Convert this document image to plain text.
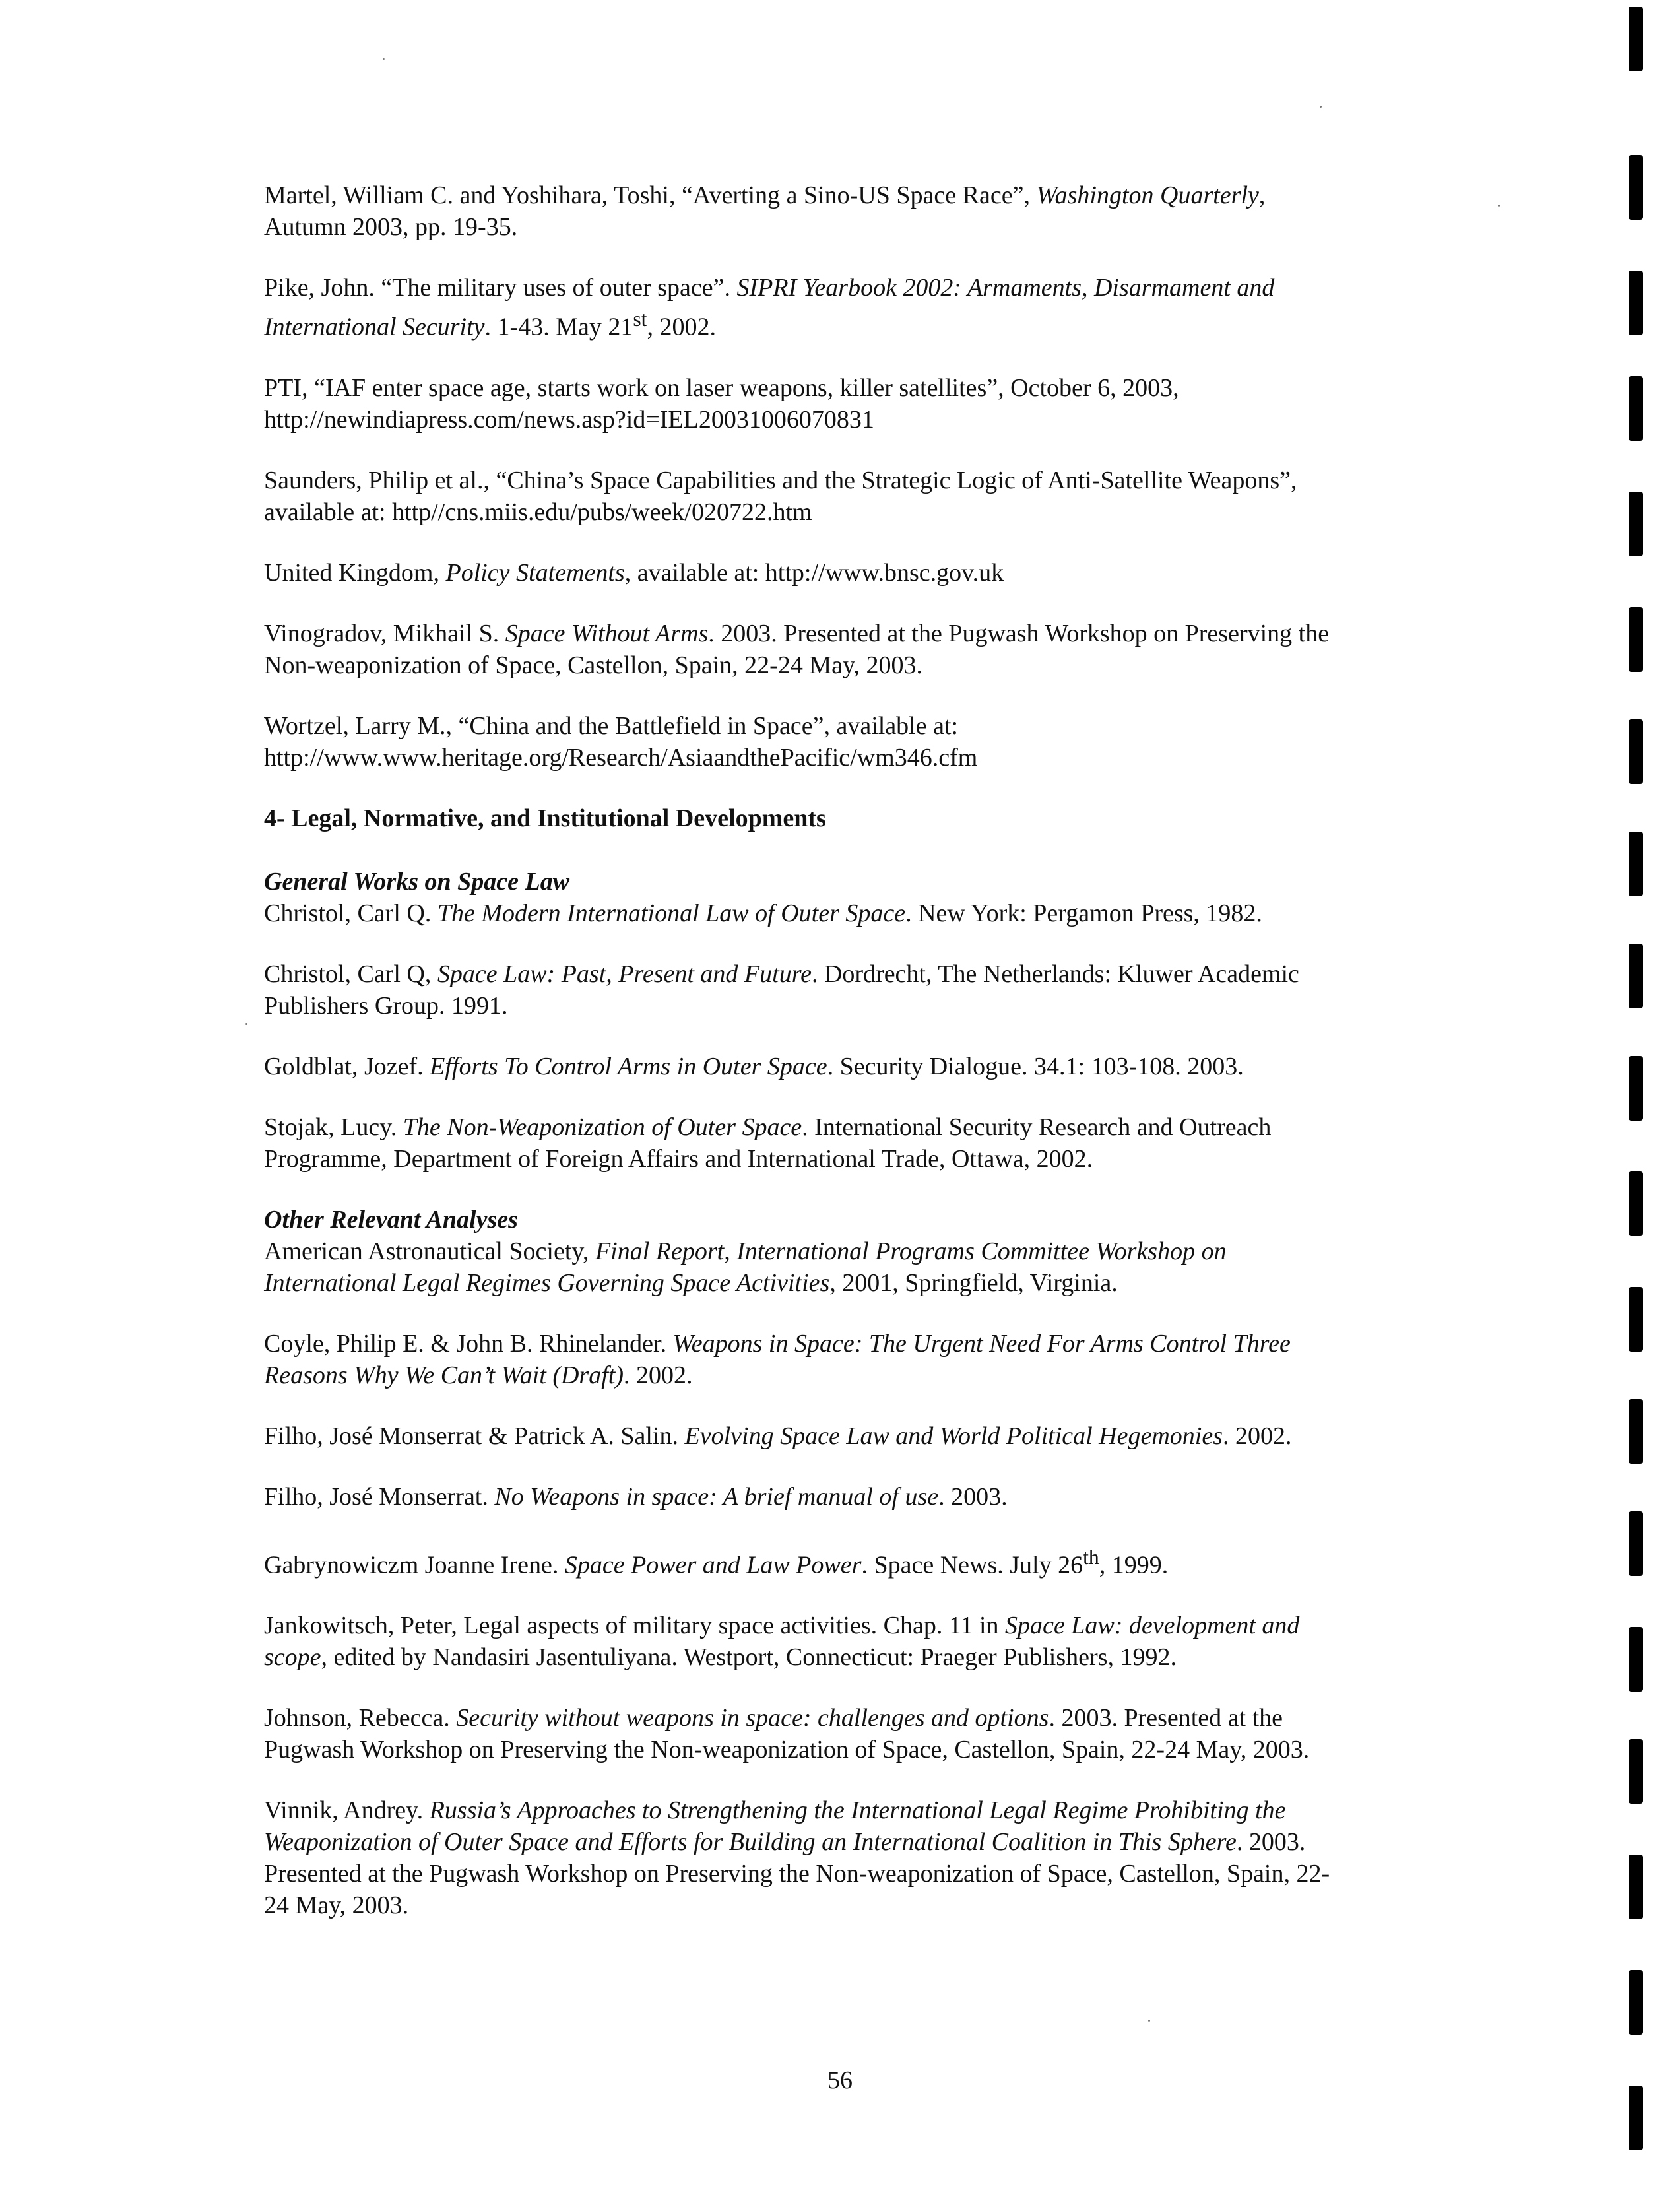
Martel, William C. and Yoshihara, Toshi, “Averting a Sino-US Space Race”, Washington Quarterly,
Autumn 2003, pp. 19-35.

Pike, John. “The military uses of outer space”. SIPRI Yearbook 2002: Armaments, Disarmament and
International Security. 1-43. May 21st, 2002.

PTI, “IAF enter space age, starts work on laser weapons, killer satellites”, October 6, 2003,
http://newindiapress.com/news.asp?id=IEL20031006070831

Saunders, Philip et al., “China’s Space Capabilities and the Strategic Logic of Anti-Satellite Weapons”,
available at: http//cns.miis.edu/pubs/week/020722.htm

United Kingdom, Policy Statements, available at: http://www.bnsc.gov.uk

Vinogradov, Mikhail S. Space Without Arms. 2003. Presented at the Pugwash Workshop on Preserving the
Non-weaponization of Space, Castellon, Spain, 22-24 May, 2003.

Wortzel, Larry M., “China and the Battlefield in Space”, available at:
http://www.www.heritage.org/Research/AsiaandthePacific/wm346.cfm

4- Legal, Normative, and Institutional Developments

General Works on Space Law

Christol, Carl Q. The Modern International Law of Outer Space. New York: Pergamon Press, 1982.

Christol, Carl Q, Space Law: Past, Present and Future. Dordrecht, The Netherlands: Kluwer Academic
Publishers Group. 1991.

Goldblat, Jozef. Efforts To Control Arms in Outer Space. Security Dialogue. 34.1: 103-108. 2003.

Stojak, Lucy. The Non-Weaponization of Outer Space. International Security Research and Outreach
Programme, Department of Foreign Affairs and International Trade, Ottawa, 2002.

Other Relevant Analyses

American Astronautical Society, Final Report, International Programs Committee Workshop on
International Legal Regimes Governing Space Activities, 2001, Springfield, Virginia.

Coyle, Philip E. & John B. Rhinelander. Weapons in Space: The Urgent Need For Arms Control Three
Reasons Why We Can’t Wait (Draft). 2002.

Filho, José Monserrat & Patrick A. Salin. Evolving Space Law and World Political Hegemonies. 2002.

Filho, José Monserrat. No Weapons in space: A brief manual of use. 2003.

Gabrynowiczm Joanne Irene. Space Power and Law Power. Space News. July 26th, 1999.

Jankowitsch, Peter, Legal aspects of military space activities. Chap. 11 in Space Law: development and
scope, edited by Nandasiri Jasentuliyana. Westport, Connecticut: Praeger Publishers, 1992.

Johnson, Rebecca. Security without weapons in space: challenges and options. 2003. Presented at the
Pugwash Workshop on Preserving the Non-weaponization of Space, Castellon, Spain, 22-24 May, 2003.

Vinnik, Andrey. Russia’s Approaches to Strengthening the International Legal Regime Prohibiting the
Weaponization of Outer Space and Efforts for Building an International Coalition in This Sphere. 2003.
Presented at the Pugwash Workshop on Preserving the Non-weaponization of Space, Castellon, Spain, 22-
24 May, 2003.

56
